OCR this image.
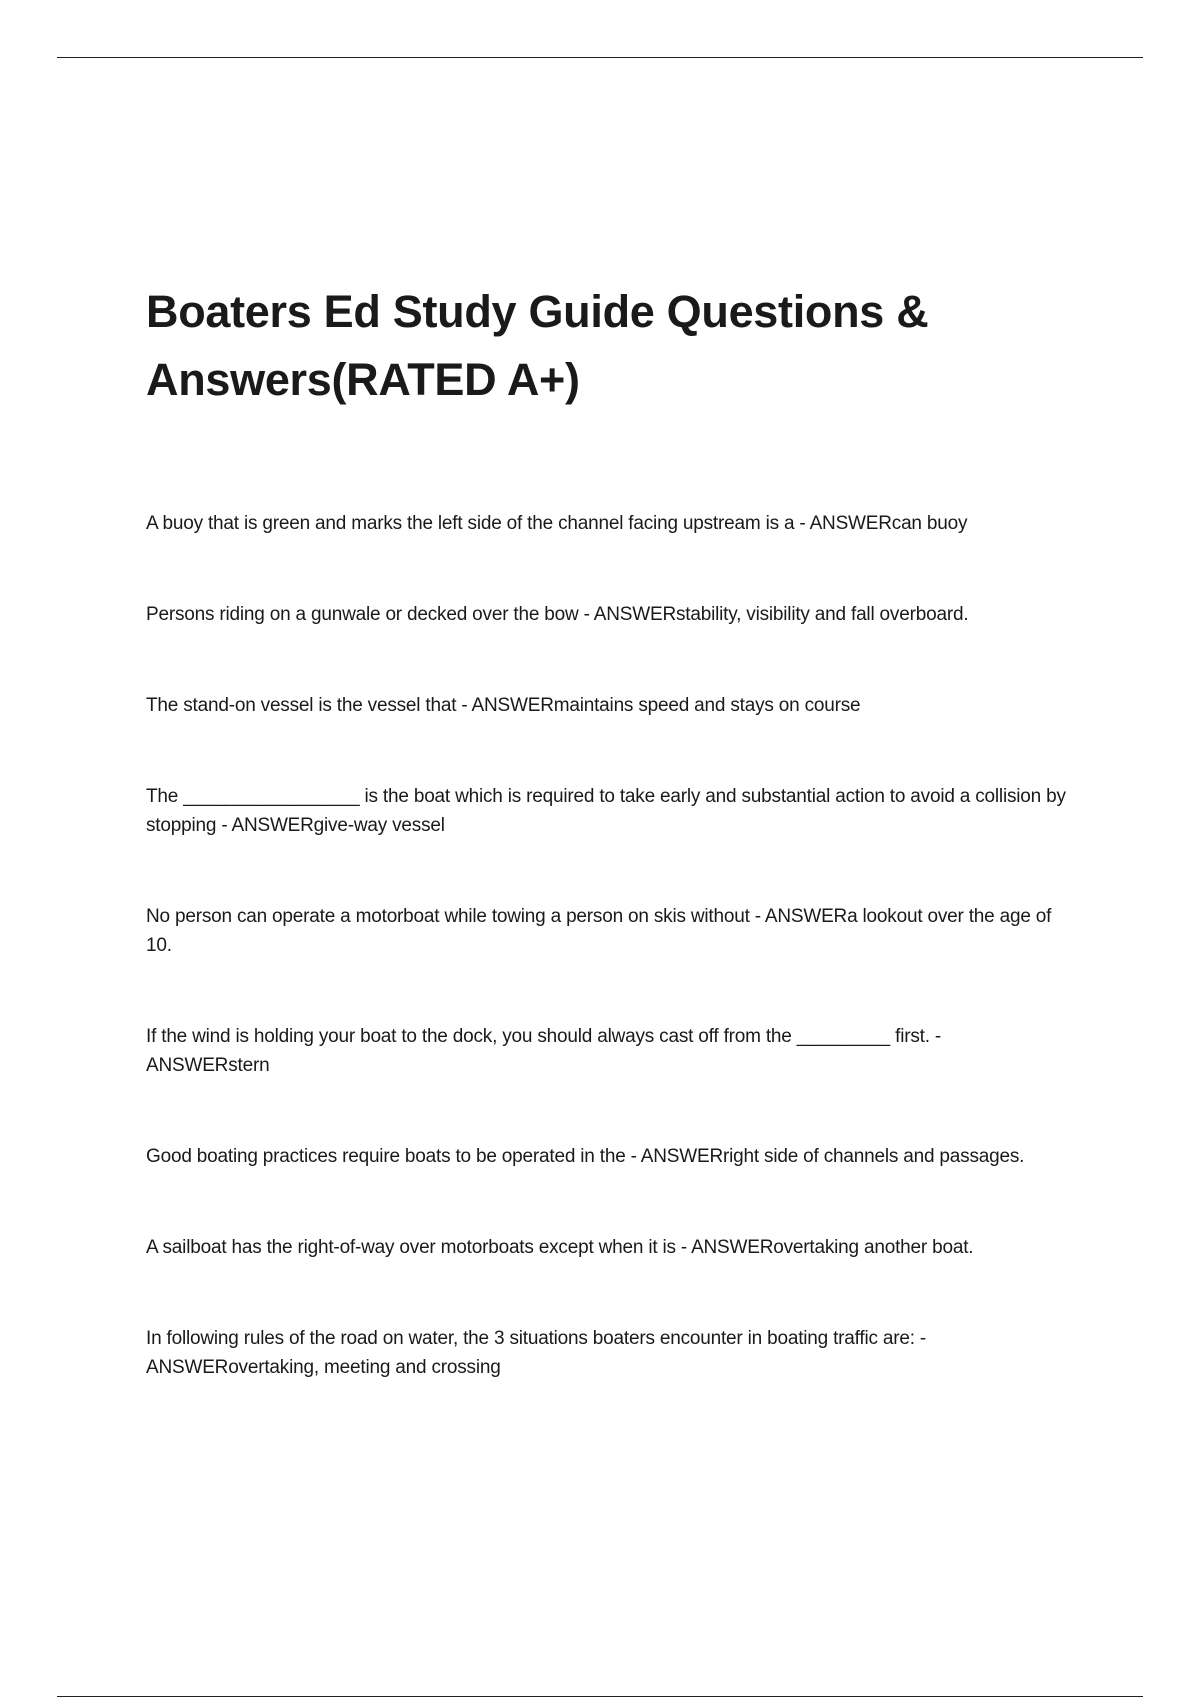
Boaters Ed Study Guide Questions & Answers(RATED A+)

A buoy that is green and marks the left side of the channel facing upstream is a - ANSWERcan buoy

Persons riding on a gunwale or decked over the bow - ANSWERstability, visibility and fall overboard.

The stand-on vessel is the vessel that - ANSWERmaintains speed and stays on course

The _________________ is the boat which is required to take early and substantial action to avoid a collision by stopping - ANSWERgive-way vessel

No person can operate a motorboat while towing a person on skis without - ANSWERa lookout over the age of 10.

If the wind is holding your boat to the dock, you should always cast off from the _________ first. - ANSWERstern

Good boating practices require boats to be operated in the - ANSWERright side of channels and passages.

A sailboat has the right-of-way over motorboats except when it is - ANSWERovertaking another boat.

In following rules of the road on water, the 3 situations boaters encounter in boating traffic are: - ANSWERovertaking, meeting and crossing
